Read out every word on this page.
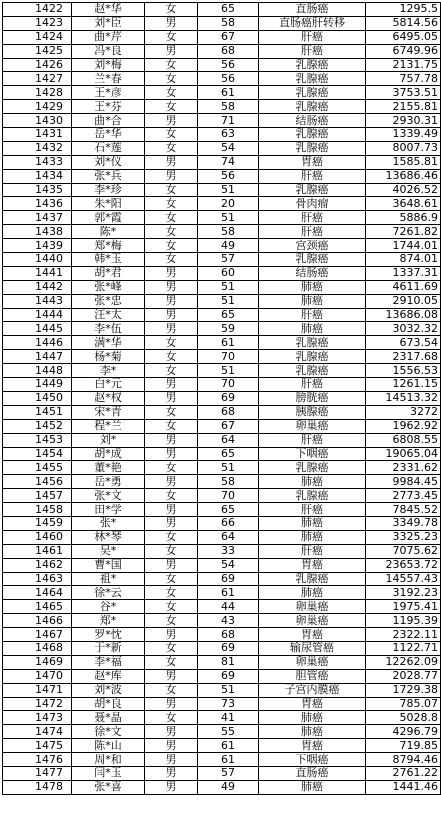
1422	赵*华	女	65	直肠癌	1295.5
1423	刘*臣	男	58	直肠癌肝转移	5814.56
1424	曲*芹	女	67	肝癌	6495.05
1425	冯*良	男	68	肝癌	6749.96
1426	刘*梅	女	56	乳腺癌	2131.75
1427	兰*春	女	56	乳腺癌	757.78
1428	王*彦	女	61	乳腺癌	3753.51
1429	王*芬	女	58	乳腺癌	2155.81
1430	曲*合	男	71	结肠癌	2930.31
1431	岳*华	女	63	乳腺癌	1339.49
1432	石*莲	女	54	乳腺癌	8007.73
1433	刘*仪	男	74	胃癌	1585.81
1434	张*兵	男	56	肝癌	13686.46
1435	李*珍	女	51	乳腺癌	4026.52
1436	朱*阳	女	20	骨肉瘤	3648.61
1437	郭*霞	女	51	肝癌	5886.9
1438	陈*	女	58	肝癌	7261.82
1439	郑*梅	女	49	宫颈癌	1744.01
1440	韩*玉	女	57	乳腺癌	874.01
1441	胡*君	男	60	结肠癌	1337.31
1442	张*峰	男	51	肺癌	4611.69
1443	张*忠	男	51	肺癌	2910.05
1444	汪*太	男	65	肝癌	13686.08
1445	李*伍	男	59	肺癌	3032.32
1446	满*华	女	61	乳腺癌	673.54
1447	杨*菊	女	70	乳腺癌	2317.68
1448	李*	女	51	乳腺癌	1556.53
1449	白*元	男	70	肝癌	1261.15
1450	赵*权	男	69	膀胱癌	14513.32
1451	宋*青	女	68	胰腺癌	3272
1452	程*兰	女	67	卵巢癌	1962.92
1453	刘*	男	64	肝癌	6808.55
1454	胡*成	男	65	下咽癌	19065.04
1455	董*艳	女	51	乳腺癌	2331.62
1456	岳*勇	男	58	肺癌	9984.45
1457	张*文	女	70	乳腺癌	2773.45
1458	田*学	男	65	肝癌	7845.52
1459	张*	男	66	肺癌	3349.78
1460	林*琴	女	64	肺癌	3325.23
1461	吴*	女	33	肝癌	7075.62
1462	曹*国	男	54	胃癌	23653.72
1463	祖*	女	69	乳腺癌	14557.43
1464	徐*云	女	61	肺癌	3192.23
1465	谷*	女	44	卵巢癌	1975.41
1466	郑*	女	43	卵巢癌	1195.39
1467	罗*忱	男	68	胃癌	2322.11
1468	于*新	女	69	输尿管癌	1122.71
1469	李*福	女	81	卵巢癌	12262.09
1470	赵*库	男	69	胆管癌	2028.77
1471	刘*波	女	51	子宫内膜癌	1729.38
1472	胡*良	男	73	胃癌	785.07
1473	聂*晶	女	41	肺癌	5028.8
1474	徐*文	男	55	肺癌	4296.79
1475	陈*山	男	61	胃癌	719.85
1476	周*和	男	61	下咽癌	8794.46
1477	闫*玉	男	57	直肠癌	2761.22
1478	张*喜	男	49	肺癌	1441.46
